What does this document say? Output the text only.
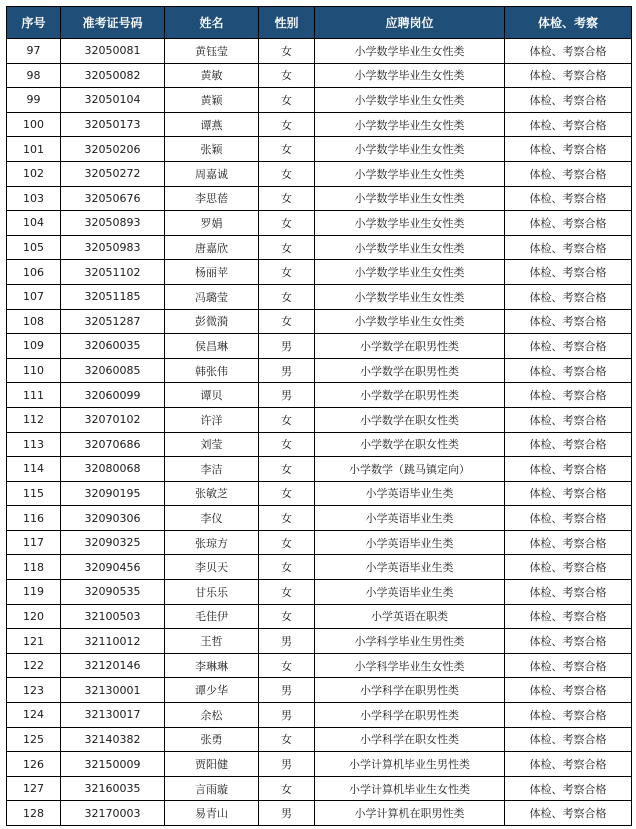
序号	准考证号码	姓名	性别	应聘岗位	体检、考察
97	32050081	黄钰莹	女	小学数学毕业生女性类	体检、考察合格
98	32050082	黄敏	女	小学数学毕业生女性类	体检、考察合格
99	32050104	黄颖	女	小学数学毕业生女性类	体检、考察合格
100	32050173	谭燕	女	小学数学毕业生女性类	体检、考察合格
101	32050206	张颖	女	小学数学毕业生女性类	体检、考察合格
102	32050272	周嘉诚	女	小学数学毕业生女性类	体检、考察合格
103	32050676	李思蓓	女	小学数学毕业生女性类	体检、考察合格
104	32050893	罗娟	女	小学数学毕业生女性类	体检、考察合格
105	32050983	唐嘉欣	女	小学数学毕业生女性类	体检、考察合格
106	32051102	杨丽苹	女	小学数学毕业生女性类	体检、考察合格
107	32051185	冯璐莹	女	小学数学毕业生女性类	体检、考察合格
108	32051287	彭微漪	女	小学数学毕业生女性类	体检、考察合格
109	32060035	侯昌琳	男	小学数学在职男性类	体检、考察合格
110	32060085	韩张伟	男	小学数学在职男性类	体检、考察合格
111	32060099	谭贝	男	小学数学在职男性类	体检、考察合格
112	32070102	许洋	女	小学数学在职女性类	体检、考察合格
113	32070686	刘莹	女	小学数学在职女性类	体检、考察合格
114	32080068	李洁	女	小学数学（跳马镇定向）	体检、考察合格
115	32090195	张敏芝	女	小学英语毕业生类	体检、考察合格
116	32090306	李仪	女	小学英语毕业生类	体检、考察合格
117	32090325	张琼方	女	小学英语毕业生类	体检、考察合格
118	32090456	李贝天	女	小学英语毕业生类	体检、考察合格
119	32090535	甘乐乐	女	小学英语毕业生类	体检、考察合格
120	32100503	毛佳伊	女	小学英语在职类	体检、考察合格
121	32110012	王哲	男	小学科学毕业生男性类	体检、考察合格
122	32120146	李琳琳	女	小学科学毕业生女性类	体检、考察合格
123	32130001	谭少华	男	小学科学在职男性类	体检、考察合格
124	32130017	余松	男	小学科学在职男性类	体检、考察合格
125	32140382	张勇	女	小学科学在职女性类	体检、考察合格
126	32150009	贾阳健	男	小学计算机毕业生男性类	体检、考察合格
127	32160035	言雨璇	女	小学计算机毕业生女性类	体检、考察合格
128	32170003	易青山	男	小学计算机在职男性类	体检、考察合格
